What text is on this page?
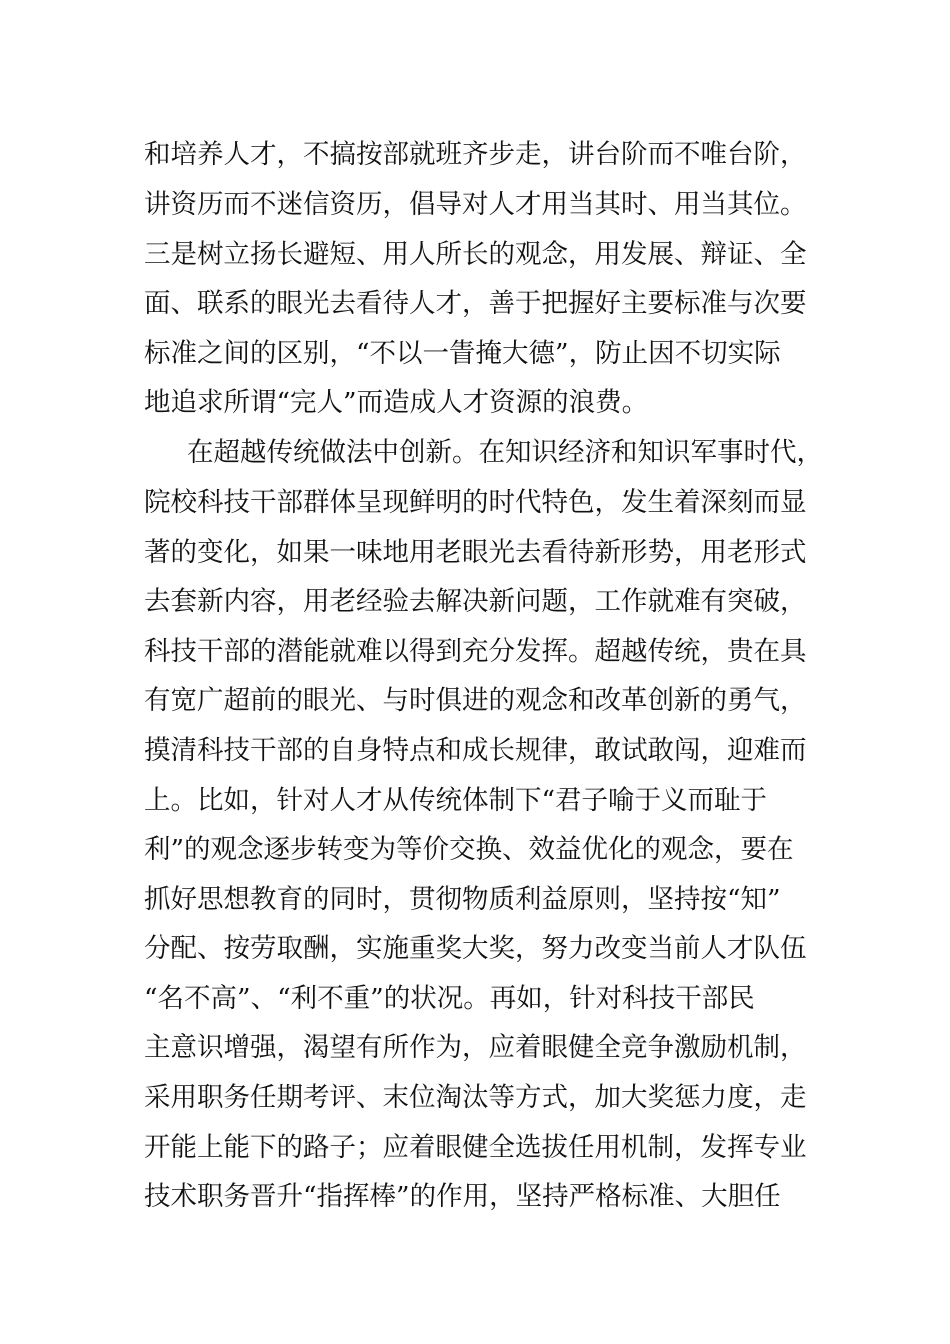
和培养人才，不搞按部就班齐步走，讲台阶而不唯台阶，
讲资历而不迷信资历，倡导对人才用当其时、用当其位。
三是树立扬长避短、用人所长的观念，用发展、辩证、全
面、联系的眼光去看待人才，善于把握好主要标准与次要
标准之间的区别，“不以一眚掩大德”，防止因不切实际
地追求所谓“完人”而造成人才资源的浪费。
在超越传统做法中创新。在知识经济和知识军事时代，
院校科技干部群体呈现鲜明的时代特色，发生着深刻而显
著的变化，如果一味地用老眼光去看待新形势，用老形式
去套新内容，用老经验去解决新问题，工作就难有突破，
科技干部的潜能就难以得到充分发挥。超越传统，贵在具
有宽广超前的眼光、与时俱进的观念和改革创新的勇气，
摸清科技干部的自身特点和成长规律，敢试敢闯，迎难而
上。比如，针对人才从传统体制下“君子喻于义而耻于
利”的观念逐步转变为等价交换、效益优化的观念，要在
抓好思想教育的同时，贯彻物质利益原则，坚持按“知”
分配、按劳取酬，实施重奖大奖，努力改变当前人才队伍
“名不高”、“利不重”的状况。再如，针对科技干部民
主意识增强，渴望有所作为，应着眼健全竞争激励机制，
采用职务任期考评、末位淘汰等方式，加大奖惩力度，走
开能上能下的路子；应着眼健全选拔任用机制，发挥专业
技术职务晋升“指挥棒”的作用，坚持严格标准、大胆任
